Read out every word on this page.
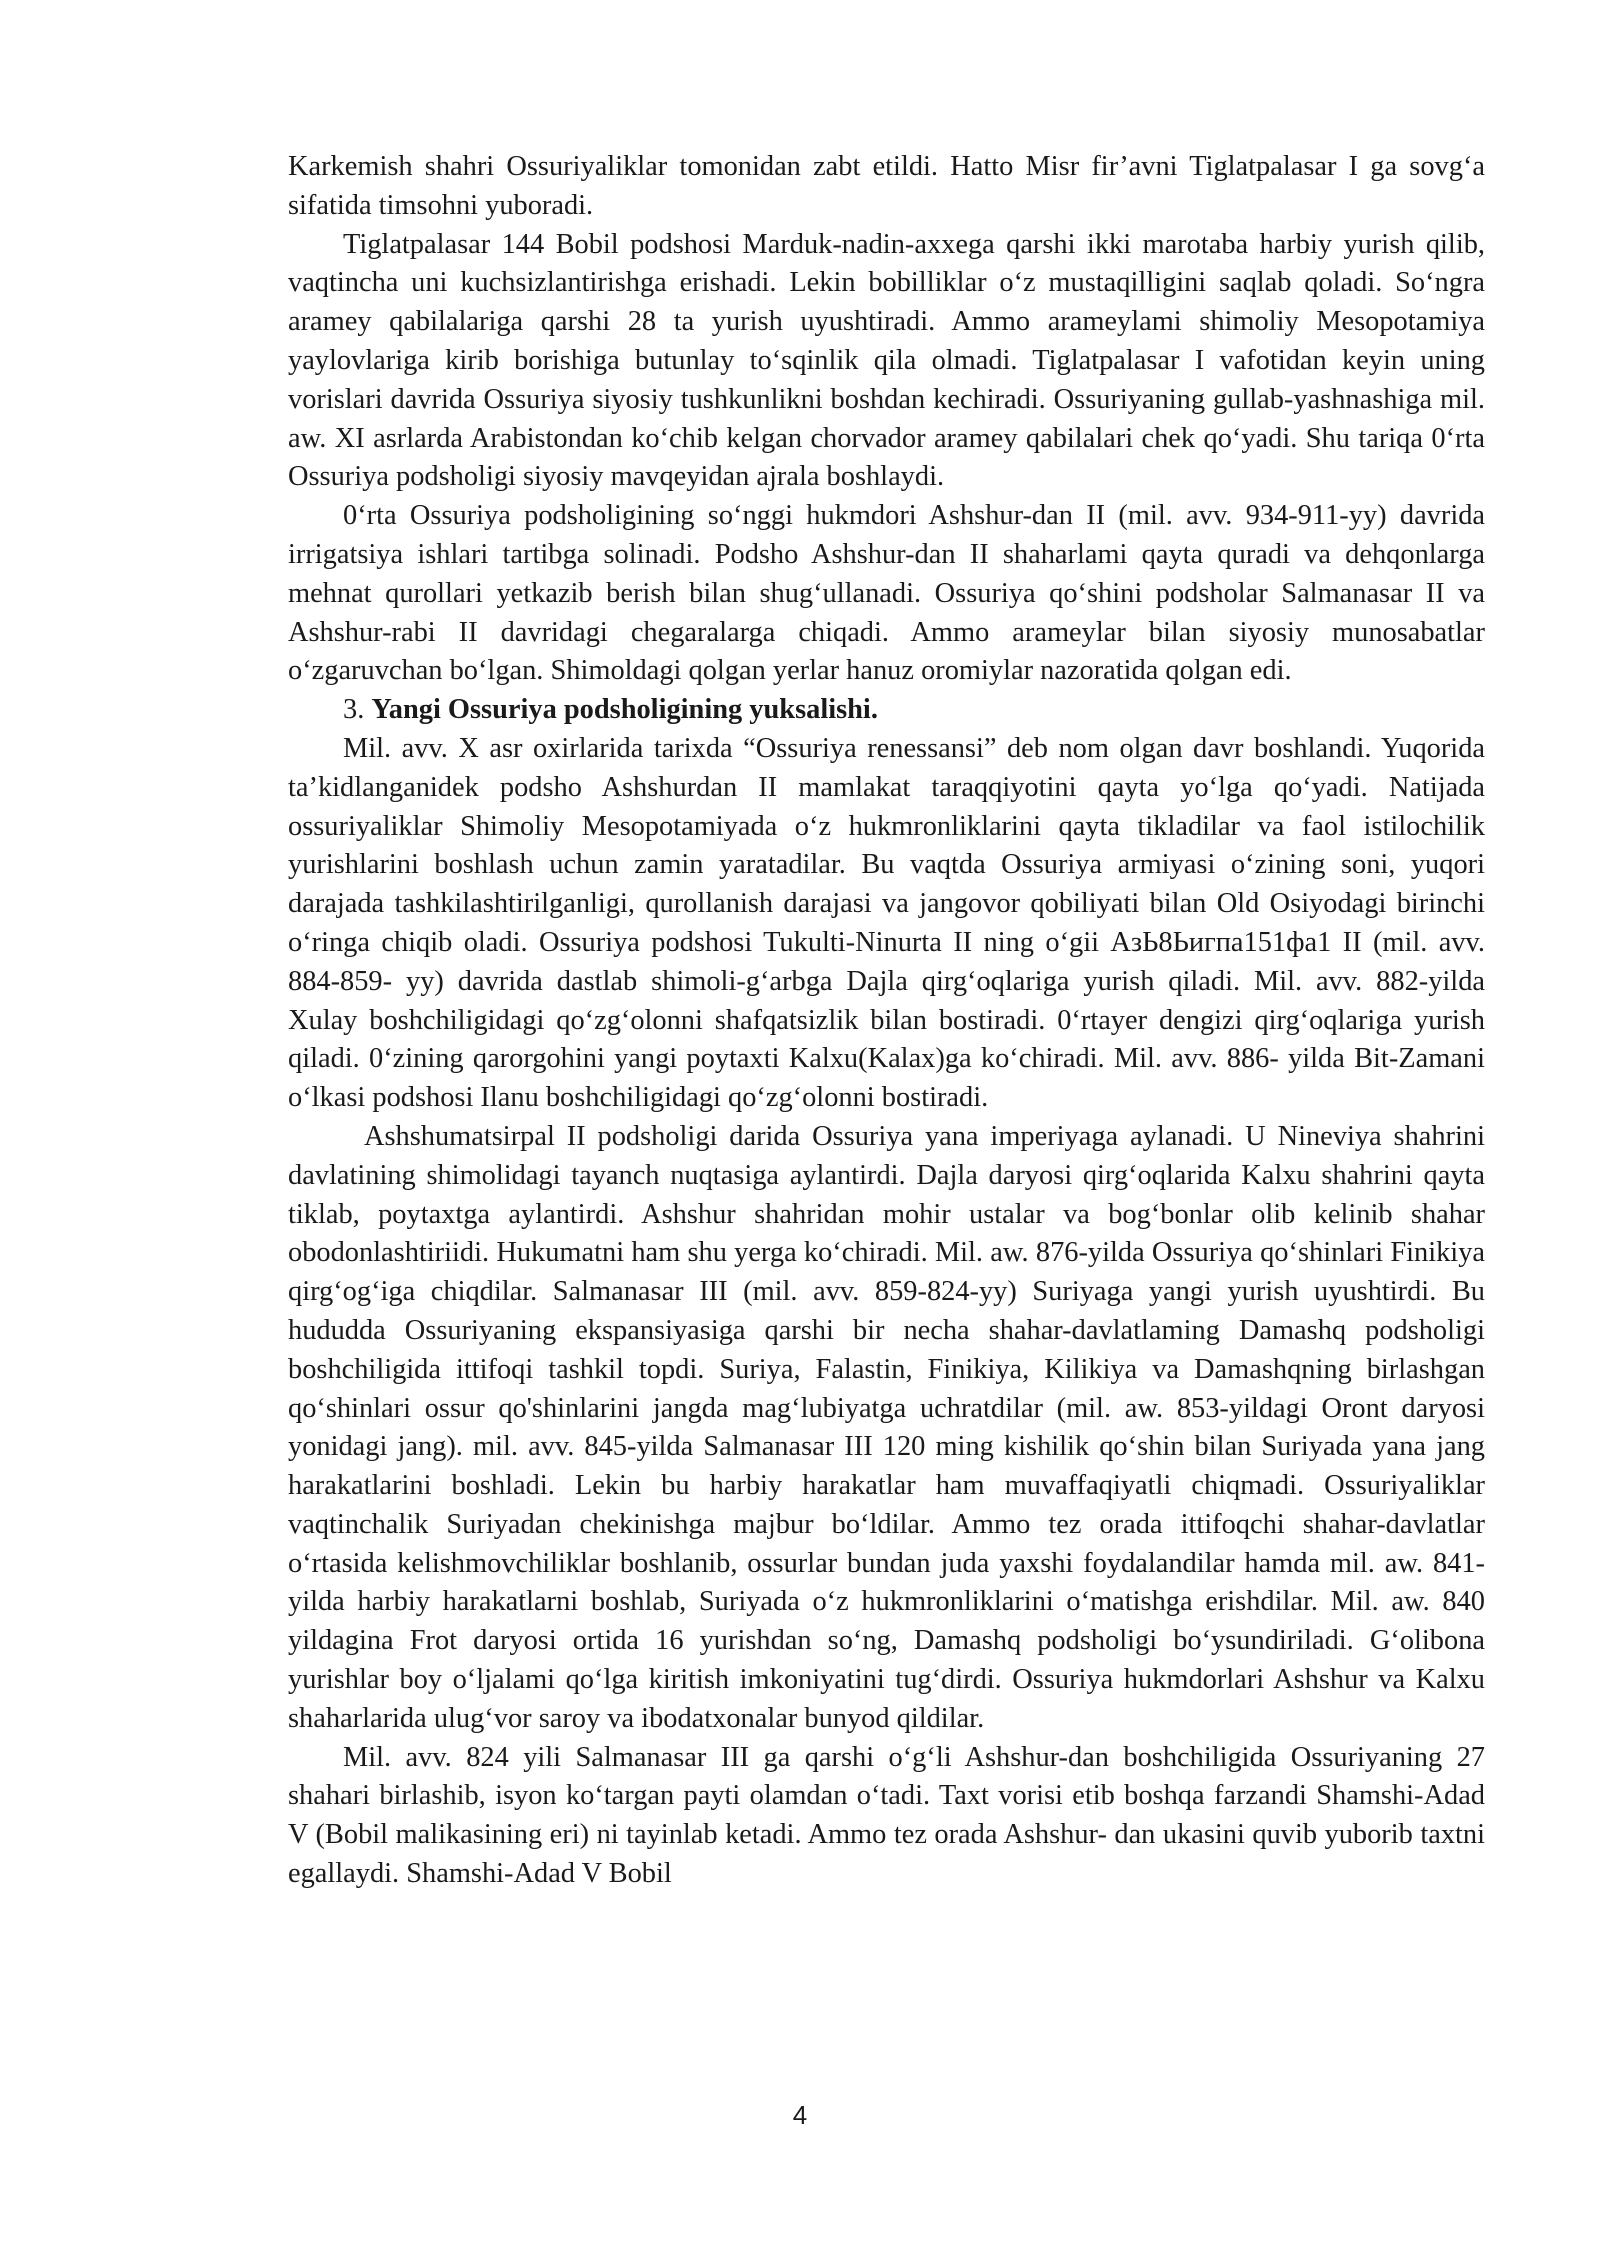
Karkemish shahri Ossuriyaliklar tomonidan zabt etildi. Hatto Misr fir’avni Tiglatpalasar I ga sovg‘a sifatida timsohni yuboradi.

Tiglatpalasar 144 Bobil podshosi Marduk-nadin-axxega qarshi ikki marotaba harbiy yurish qilib, vaqtincha uni kuchsizlantirishga erishadi. Lekin bobilliklar o‘z mustaqilligini saqlab qoladi. So‘ngra aramey qabilalariga qarshi 28 ta yurish uyushtiradi. Ammo arameylami shimoliy Mesopotamiya yaylovlariga kirib borishiga butunlay to‘sqinlik qila olmadi. Tiglatpalasar I vafotidan keyin uning vorislari davrida Ossuriya siyosiy tushkunlikni boshdan kechiradi. Ossuriyaning gullab-yashnashiga mil. aw. XI asrlarda Arabistondan ko‘chib kelgan chorvador aramey qabilalari chek qo‘yadi. Shu tariqa 0‘rta Ossuriya podsholigi siyosiy mavqeyidan ajrala boshlaydi.

0‘rta Ossuriya podsholigining so‘nggi hukmdori Ashshur-dan II (mil. avv. 934-911-yy) davrida irrigatsiya ishlari tartibga solinadi. Podsho Ashshur-dan II shaharlami qayta quradi va dehqonlarga mehnat qurollari yetkazib berish bilan shug‘ullanadi. Ossuriya qo‘shini podsholar Salmanasar II va Ashshur-rabi II davridagi chegaralarga chiqadi. Ammo arameylar bilan siyosiy munosabatlar o‘zgaruvchan bo‘lgan. Shimoldagi qolgan yerlar hanuz oromiylar nazoratida qolgan edi.

3. Yangi Ossuriya podsholigining yuksalishi.

Mil. avv. X asr oxirlarida tarixda “Ossuriya renessansi” deb nom olgan davr boshlandi. Yuqorida ta’kidlanganidek podsho Ashshurdan II mamlakat taraqqiyotini qayta yo‘lga qo‘yadi. Natijada ossuriyaliklar Shimoliy Mesopotamiyada o‘z hukmronliklarini qayta tikladilar va faol istilochilik yurishlarini boshlash uchun zamin yaratadilar. Bu vaqtda Ossuriya armiyasi o‘zining soni, yuqori darajada tashkilashtirilganligi, qurollanish darajasi va jangovor qobiliyati bilan Old Osiyodagi birinchi o‘ringa chiqib oladi. Ossuriya podshosi Tukulti-Ninurta II ning o‘gii АзЬ8Ьигпа151фа1 II (mil. avv. 884-859- yy) davrida dastlab shimoli-g‘arbga Dajla qirg‘oqlariga yurish qiladi. Mil. avv. 882-yilda Xulay boshchiligidagi qo‘zg‘olonni shafqatsizlik bilan bostiradi. 0‘rtayer dengizi qirg‘oqlariga yurish qiladi. 0‘zining qarorgohini yangi poytaxti Kalxu(Kalax)ga ko‘chiradi. Mil. avv. 886- yilda Bit-Zamani o‘lkasi podshosi Ilanu boshchiligidagi qo‘zg‘olonni bostiradi.

Ashshumatsirpal II podsholigi darida Ossuriya yana imperiyaga aylanadi. U Nineviya shahrini davlatining shimolidagi tayanch nuqtasiga aylantirdi. Dajla daryosi qirg‘oqlarida Kalxu shahrini qayta tiklab, poytaxtga aylantirdi. Ashshur shahridan mohir ustalar va bog‘bonlar olib kelinib shahar obodonlashtiriidi. Hukumatni ham shu yerga ko‘chiradi. Mil. aw. 876-yilda Ossuriya qo‘shinlari Finikiya qirg‘og‘iga chiqdilar. Salmanasar III (mil. avv. 859-824-yy) Suriyaga yangi yurish uyushtirdi. Bu hududda Ossuriyaning ekspansiyasiga qarshi bir necha shahar-davlatlaming Damashq podsholigi boshchiligida ittifoqi tashkil topdi. Suriya, Falastin, Finikiya, Kilikiya va Damashqning birlashgan qo‘shinlari ossur qo'shinlarini jangda mag‘lubiyatga uchratdilar (mil. aw. 853-yildagi Oront daryosi yonidagi jang). mil. avv. 845-yilda Salmanasar III 120 ming kishilik qo‘shin bilan Suriyada yana jang harakatlarini boshladi. Lekin bu harbiy harakatlar ham muvaffaqiyatli chiqmadi. Ossuriyaliklar vaqtinchalik Suriyadan chekinishga majbur bo‘ldilar. Ammo tez orada ittifoqchi shahar-davlatlar o‘rtasida kelishmovchiliklar boshlanib, ossurlar bundan juda yaxshi foydalandilar hamda mil. aw. 841-yilda harbiy harakatlarni boshlab, Suriyada o‘z hukmronliklarini o‘matishga erishdilar. Mil. aw. 840 yildagina Frot daryosi ortida 16 yurishdan so‘ng, Damashq podsholigi bo‘ysundiriladi. G‘olibona yurishlar boy o‘ljalami qo‘lga kiritish imkoniyatini tug‘dirdi. Ossuriya hukmdorlari Ashshur va Kalxu shaharlarida ulug‘vor saroy va ibodatxonalar bunyod qildilar.

Mil. avv. 824 yili Salmanasar III ga qarshi o‘g‘li Ashshur-dan boshchiligida Ossuriyaning 27 shahari birlashib, isyon ko‘targan payti olamdan o‘tadi. Taxt vorisi etib boshqa farzandi Shamshi-Adad V (Bobil malikasining eri) ni tayinlab ketadi. Ammo tez orada Ashshur- dan ukasini quvib yuborib taxtni egallaydi. Shamshi-Adad V Bobil

4
